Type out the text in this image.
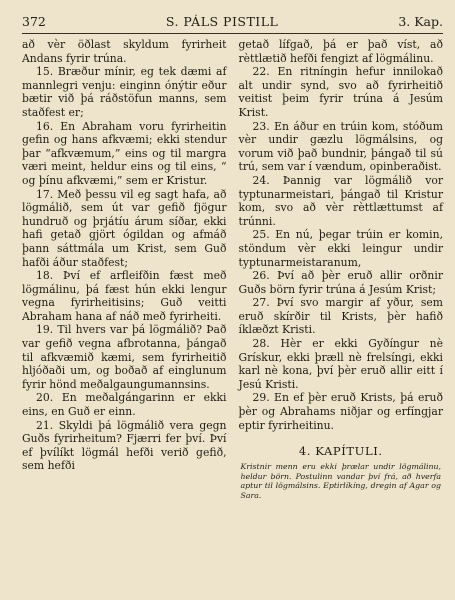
372	S. PÁLS PISTILL	3. Kap.

að vèr öðlast skyldum fyrirheit Andans fyrir trúna.

15. Bræður mínir, eg tek dæmi af mannlegri venju: einginn ónýtir eður bætir við þá ráðstöfun manns, sem staðfest er;

16. En Abraham voru fyrirheitin gefin og hans afkvæmi; ekki stendur þar “afkvæmum,” eins og til margra væri meint, heldur eins og til eins, “ og þínu afkvæmi,” sem er Kristur.

17. Með þessu vil eg sagt hafa, að lögmálið, sem út var gefið fjögur hundruð og þrjátíu árum síðar, ekki hafi getað gjört ógildan og afmáð þann sáttmála um Krist, sem Guð hafði áður staðfest;

18. Því ef arfleifðin fæst með lögmálinu, þá fæst hún ekki lengur vegna fyrirheitisins; Guð veitti Abraham hana af náð með fyrirheiti.

19. Til hvers var þá lögmálið? Það var gefið vegna afbrotanna, þángað til afkvæmið kæmi, sem fyrirheitið hljóðaði um, og boðað af einglunum fyrir hönd meðalgaungumannsins.

20. En meðalgángarinn er ekki eins, en Guð er einn.

21. Skyldi þá lögmálið vera gegn Guðs fyrirheitum? Fjærri fer því. Því ef þvílíkt lögmál hefði verið gefið, sem hefði

getað lífgað, þá er það víst, að rèttlætið hefði fengizt af lögmálinu.

22. En ritníngin hefur innilokað alt undir synd, svo að fyrirheitið veitist þeim fyrir trúna á Jesúm Krist.

23. En áður en trúin kom, stóðum vèr undir gæzlu lögmálsins, og vorum við það bundnir, þángað til sú trú, sem var í vændum, opinberaðist.

24. Þannig var lögmálið vor typtunarmeistari, þángað til Kristur kom, svo að vèr rèttlættumst af trúnni.

25. En nú, þegar trúin er komin, stöndum vèr ekki leingur undir typtunarmeistaranum,

26. Því að þèr eruð allir orðnir Guðs börn fyrir trúna á Jesúm Krist;

27. Því svo margir af yður, sem eruð skírðir til Krists, þèr hafið íklæðzt Kristi.

28. Hèr er ekki Gyðíngur nè Grískur, ekki þræll nè frelsíngi, ekki karl nè kona, því þèr eruð allir eitt í Jesú Kristi.

29. En ef þèr eruð Krists, þá eruð þèr og Abrahams niðjar og erfíngjar eptir fyrirheitinu.

4. KAPÍTULI.
Kristnir menn eru ekki þrælar undir lögmálinu, heldur börn. Postulinn vandar því frá, að hverfa aptur til lögmálsins. Eptirlíkíng, dregin af Agar og Sara.
